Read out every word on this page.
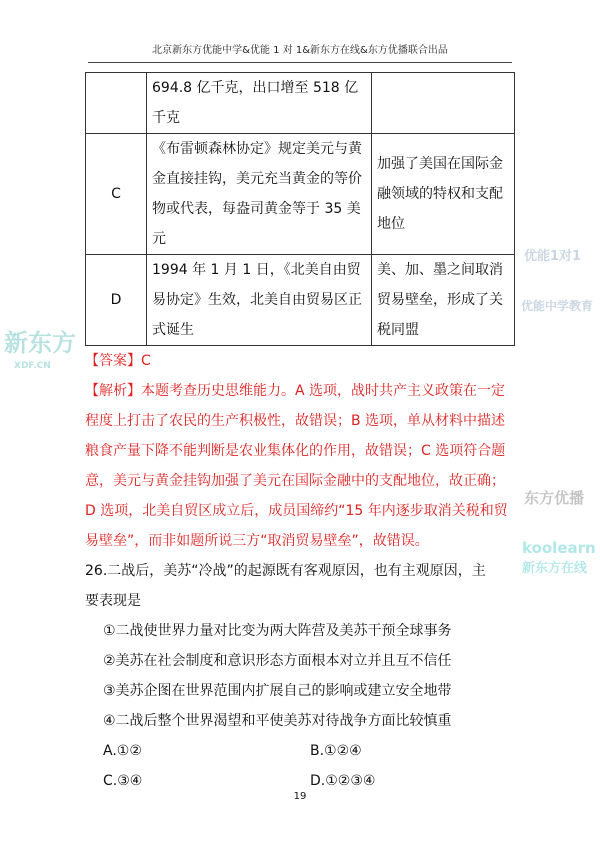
北京新东方优能中学&优能 1 对 1&新东方在线&东方优播联合出品
	694.8 亿千克，出口增至 518 亿千克	
C	《布雷顿森林协定》规定美元与黄金直接挂钩，美元充当黄金的等价物或代表，每盎司黄金等于 35 美元	加强了美国在国际金融领域的特权和支配地位
D	1994 年 1 月 1 日，《北美自由贸易协定》生效，北美自由贸易区正式诞生	美、加、墨之间取消贸易壁垒，形成了关税同盟
【答案】C
【解析】本题考查历史思维能力。A 选项，战时共产主义政策在一定
程度上打击了农民的生产积极性，故错误；B 选项，单从材料中描述
粮食产量下降不能判断是农业集体化的作用，故错误；C 选项符合题
意，美元与黄金挂钩加强了美元在国际金融中的支配地位，故正确；
D 选项，北美自贸区成立后，成员国缔约“15 年内逐步取消关税和贸
易壁垒”，而非如题所说三方“取消贸易壁垒”，故错误。
26.二战后，美苏“冷战”的起源既有客观原因，也有主观原因，主
要表现是
①二战使世界力量对比变为两大阵营及美苏干预全球事务
②美苏在社会制度和意识形态方面根本对立并且互不信任
③美苏企图在世界范围内扩展自己的影响或建立安全地带
④二战后整个世界渴望和平使美苏对待战争方面比较慎重
A.①②	B.①②④
C.③④	D.①②③④
19
新东方
XDF.CN
优能中学教育
优能1对1
东方优播
koolearn
新东方在线
